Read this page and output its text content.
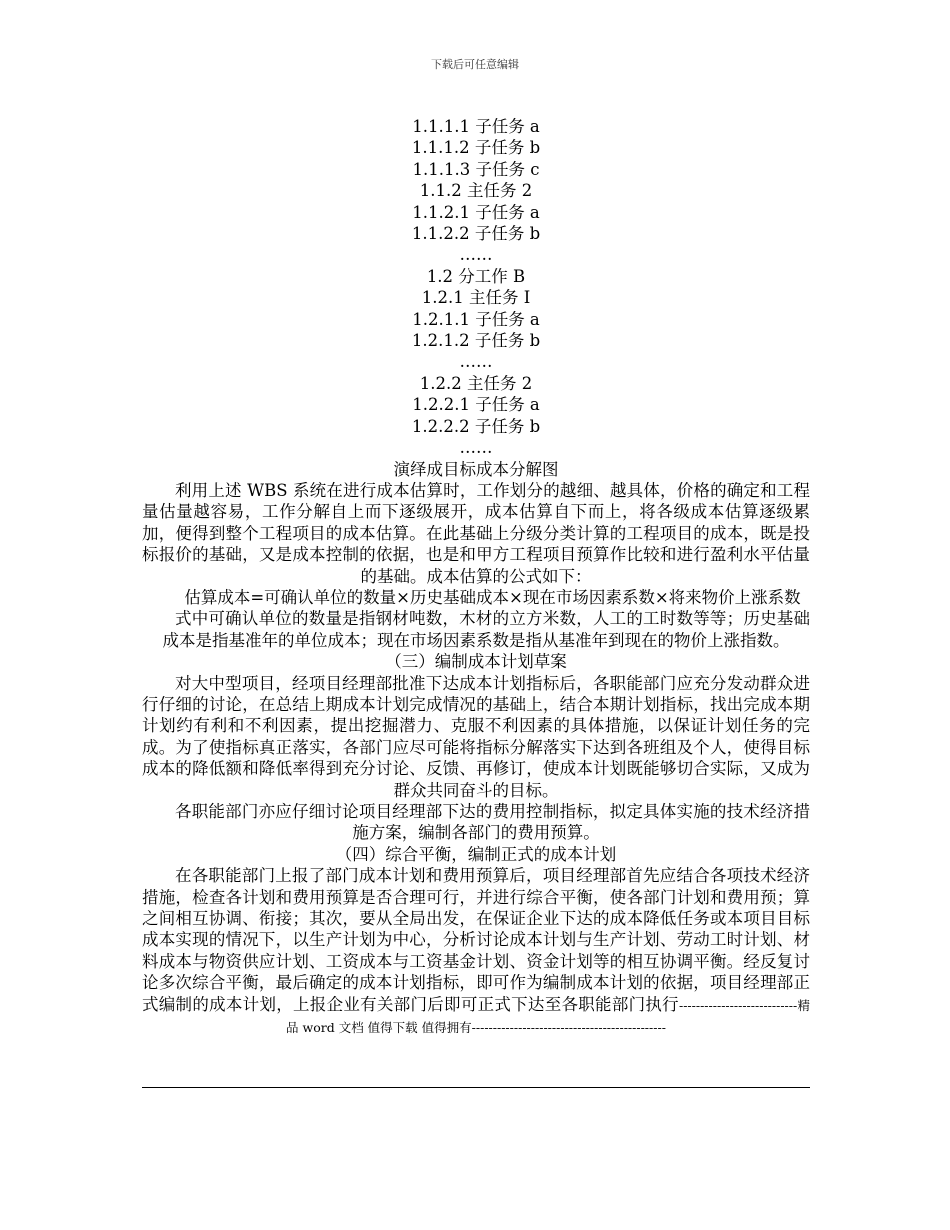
下载后可任意编辑

1.1.1.1 子任务 a

1.1.1.2 子任务 b

1.1.1.3 子任务 c

1.1.2 主任务 2

1.1.2.1 子任务 a

1.1.2.2 子任务 b

……

1.2 分工作 B

1.2.1 主任务 I

1.2.1.1 子任务 a

1.2.1.2 子任务 b

……

1.2.2 主任务 2

1.2.2.1 子任务 a

1.2.2.2 子任务 b

……

演绎成目标成本分解图

利用上述 WBS 系统在进行成本估算时，工作划分的越细、越具体，价格的确定和工程量估量越容易，工作分解自上而下逐级展开，成本估算自下而上，将各级成本估算逐级累加，便得到整个工程项目的成本估算。在此基础上分级分类计算的工程项目的成本，既是投标报价的基础，又是成本控制的依据，也是和甲方工程项目预算作比较和进行盈利水平估量的基础。成本估算的公式如下：

估算成本=可确认单位的数量×历史基础成本×现在市场因素系数×将来物价上涨系数

式中可确认单位的数量是指钢材吨数，木材的立方米数，人工的工时数等等；历史基础成本是指基准年的单位成本；现在市场因素系数是指从基准年到现在的物价上涨指数。

（三）编制成本计划草案

对大中型项目，经项目经理部批准下达成本计划指标后，各职能部门应充分发动群众进行仔细的讨论，在总结上期成本计划完成情况的基础上，结合本期计划指标，找出完成本期计划约有利和不利因素，提出挖掘潜力、克服不利因素的具体措施，以保证计划任务的完成。为了使指标真正落实，各部门应尽可能将指标分解落实下达到各班组及个人，使得目标成本的降低额和降低率得到充分讨论、反馈、再修订，使成本计划既能够切合实际，又成为群众共同奋斗的目标。

各职能部门亦应仔细讨论项目经理部下达的费用控制指标，拟定具体实施的技术经济措施方案，编制各部门的费用预算。

（四）综合平衡，编制正式的成本计划

在各职能部门上报了部门成本计划和费用预算后，项目经理部首先应结合各项技术经济措施，检查各计划和费用预算是否合理可行，并进行综合平衡，使各部门计划和费用预；算之间相互协调、衔接；其次，要从全局出发，在保证企业下达的成本降低任务或本项目目标成本实现的情况下，以生产计划为中心，分析讨论成本计划与生产计划、劳动工时计划、材料成本与物资供应计划、工资成本与工资基金计划、资金计划等的相互协调平衡。经反复讨论多次综合平衡，最后确定的成本计划指标，即可作为编制成本计划的依据，项目经理部正式编制的成本计划，上报企业有关部门后即可正式下达至各职能部门执行----------------------------精品 word 文档 值得下载 值得拥有----------------------------------------------
